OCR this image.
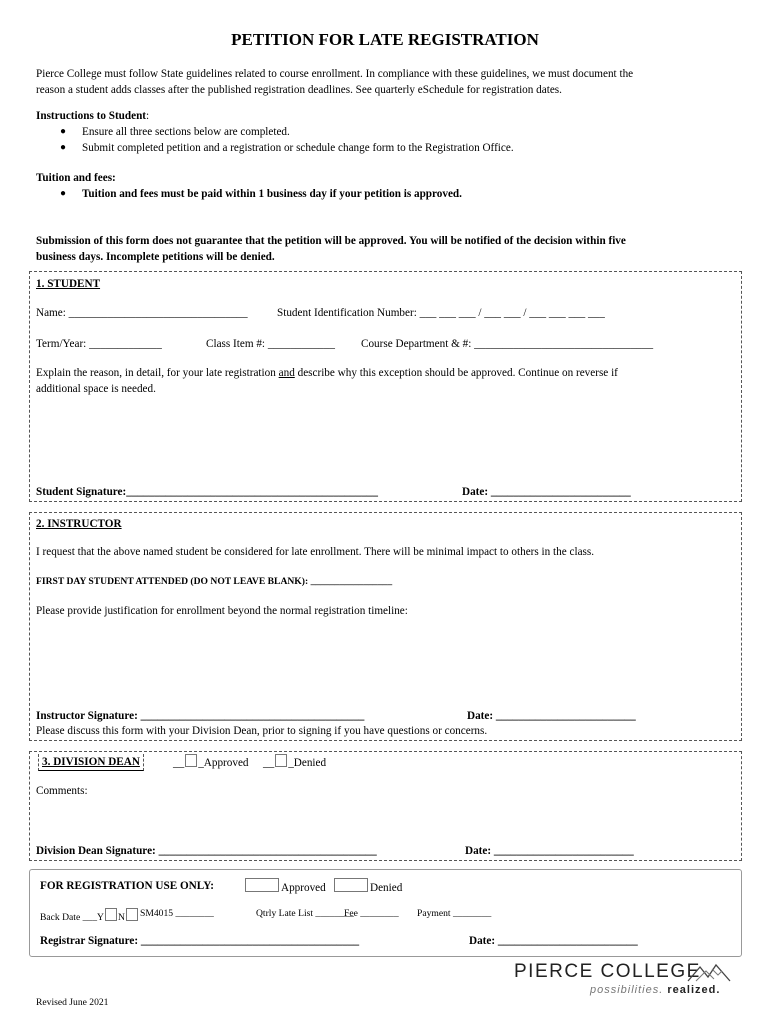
PETITION FOR LATE REGISTRATION
Pierce College must follow State guidelines related to course enrollment. In compliance with these guidelines, we must document the
reason a student adds classes after the published registration deadlines. See quarterly eSchedule for registration dates.
Instructions to Student:
● Ensure all three sections below are completed.
● Submit completed petition and a registration or schedule change form to the Registration Office.
Tuition and fees:
● Tuition and fees must be paid within 1 business day if your petition is approved.
Submission of this form does not guarantee that the petition will be approved. You will be notified of the decision within five
business days. Incomplete petitions will be denied.
1. STUDENT
Name: ________________________________	Student Identification Number: ___ ___ ___ / ___ ___ / ___ ___ ___ ___
Term/Year: _____________	Class Item #: ____________ Course Department & #: ________________________________
Explain the reason, in detail, for your late registration and describe why this exception should be approved. Continue on reverse if
additional space is needed.
Student Signature:_____________________________________________	Date: _________________________
2. INSTRUCTOR
I request that the above named student be considered for late enrollment. There will be minimal impact to others in the class.
FIRST DAY STUDENT ATTENDED (DO NOT LEAVE BLANK): _________________
Please provide justification for enrollment beyond the normal registration timeline:
Instructor Signature: ________________________________________	Date: _________________________
Please discuss this form with your Division Dean, prior to signing if you have questions or concerns.
3. DIVISION DEAN	__ _Approved __ _Denied
Comments:
Division Dean Signature: _______________________________________	Date: _________________________
FOR REGISTRATION USE ONLY:	Approved	Denied
Back Date ___Y N	SM4015 ________	Qtrly Late List ________
Fee ________ Payment ________
Registrar Signature: _______________________________________	Date: _________________________
PIERCE COLLEGE
possibilities. realized.
Revised June 2021
